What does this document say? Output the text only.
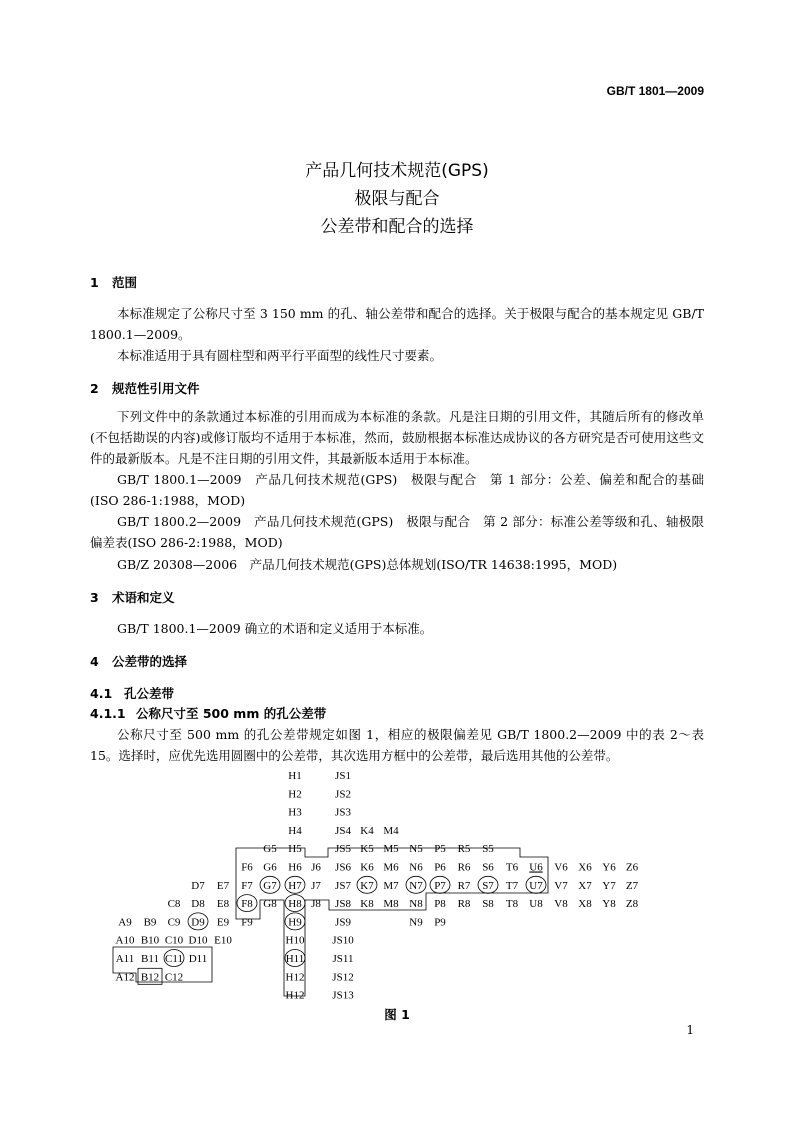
GB/T 1801—2009
产品几何技术规范(GPS)
极限与配合
公差带和配合的选择
1 范围
本标准规定了公称尺寸至 3 150 mm 的孔、轴公差带和配合的选择。关于极限与配合的基本规定见 GB/T 1800.1—2009。
本标准适用于具有圆柱型和两平行平面型的线性尺寸要素。
2 规范性引用文件
下列文件中的条款通过本标准的引用而成为本标准的条款。凡是注日期的引用文件，其随后所有的修改单(不包括勘误的内容)或修订版均不适用于本标准，然而，鼓励根据本标准达成协议的各方研究是否可使用这些文件的最新版本。凡是不注日期的引用文件，其最新版本适用于本标准。
GB/T 1800.1—2009　产品几何技术规范(GPS)　极限与配合　第 1 部分：公差、偏差和配合的基础(ISO 286-1:1988，MOD)
GB/T 1800.2—2009　产品几何技术规范(GPS)　极限与配合　第 2 部分：标准公差等级和孔、轴极限偏差表(ISO 286-2:1988，MOD)
GB/Z 20308—2006　产品几何技术规范(GPS)总体规划(ISO/TR 14638:1995，MOD)
3 术语和定义
GB/T 1800.1—2009 确立的术语和定义适用于本标准。
4 公差带的选择
4.1 孔公差带
4.1.1 公称尺寸至 500 mm 的孔公差带
公称尺寸至 500 mm 的孔公差带规定如图 1，相应的极限偏差见 GB/T 1800.2—2009 中的表 2～表 15。选择时，应优先选用圆圈中的公差带，其次选用方框中的公差带，最后选用其他的公差带。
H1	JS1
H2	JS2
H3	JS3
H4	JS4 K4 M4
G5 H5	JS5 K5 M5 N5 P5 R5 S5
F6 G6 H6 J6 JS6 K6 M6 N6 P6 R6 S6 T6 U6 V6 X6 Y6 Z6
D7 E7 F7 G7 H7 J7 JS7 K7 M7 N7 P7 R7 S7 T7 U7 V7 X7 Y7 Z7
C8 D8 E8 F8 G8 H8 J8 JS8 K8 M8 N8 P8 R8 S8 T8 U8 V8 X8 Y8 Z8
A9 B9 C9 D9 E9 F9	H9	JS9	N9 P9
A10 B10 C10 D10 E10	H10	JS10
A11 B11 C11 D11	H11	JS11
A12 B12 C12	H12	JS12
H12	JS13
图 1
1
